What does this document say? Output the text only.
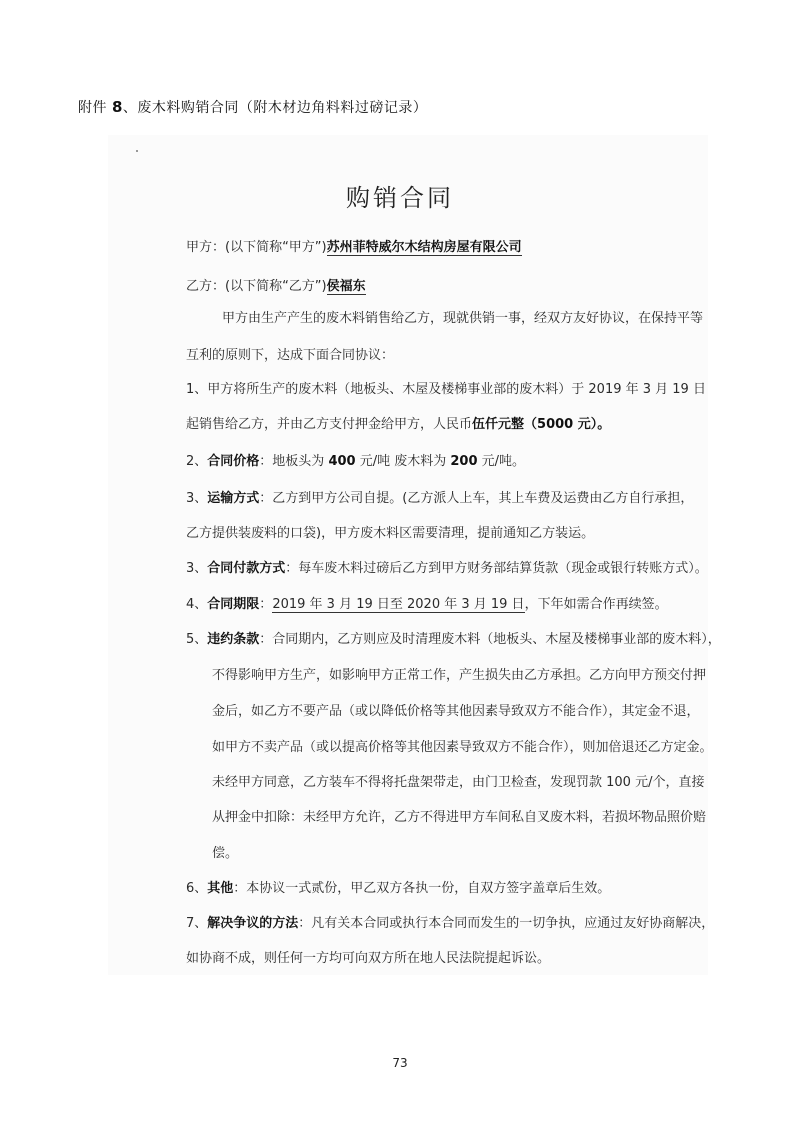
附件 8、废木料购销合同（附木材边角料料过磅记录）
购销合同
甲方：(以下简称“甲方”)苏州菲特威尔木结构房屋有限公司
乙方：(以下简称“乙方”)侯福东
甲方由生产产生的废木料销售给乙方，现就供销一事，经双方友好协议，在保持平等
互利的原则下，达成下面合同协议：
1、甲方将所生产的废木料（地板头、木屋及楼梯事业部的废木料）于 2019 年 3 月 19 日
起销售给乙方，并由乙方支付押金给甲方，人民币伍仟元整（5000 元）。
2、合同价格：地板头为 400 元/吨 废木料为 200 元/吨。
3、运输方式：乙方到甲方公司自提。(乙方派人上车，其上车费及运费由乙方自行承担，
乙方提供装废料的口袋)，甲方废木料区需要清理，提前通知乙方装运。
3、合同付款方式：每车废木料过磅后乙方到甲方财务部结算货款（现金或银行转账方式）。
4、合同期限：2019 年 3 月 19 日至 2020 年 3 月 19 日，下年如需合作再续签。
5、违约条款：合同期内，乙方则应及时清理废木料（地板头、木屋及楼梯事业部的废木料），
不得影响甲方生产，如影响甲方正常工作，产生损失由乙方承担。乙方向甲方预交付押
金后，如乙方不要产品（或以降低价格等其他因素导致双方不能合作），其定金不退，
如甲方不卖产品（或以提高价格等其他因素导致双方不能合作），则加倍退还乙方定金。
未经甲方同意，乙方装车不得将托盘架带走，由门卫检查，发现罚款 100 元/个，直接
从押金中扣除：未经甲方允许，乙方不得进甲方车间私自叉废木料，若损坏物品照价赔
偿。
6、其他：本协议一式贰份，甲乙双方各执一份，自双方签字盖章后生效。
7、解决争议的方法：凡有关本合同或执行本合同而发生的一切争执，应通过友好协商解决，
如协商不成，则任何一方均可向双方所在地人民法院提起诉讼。
73
